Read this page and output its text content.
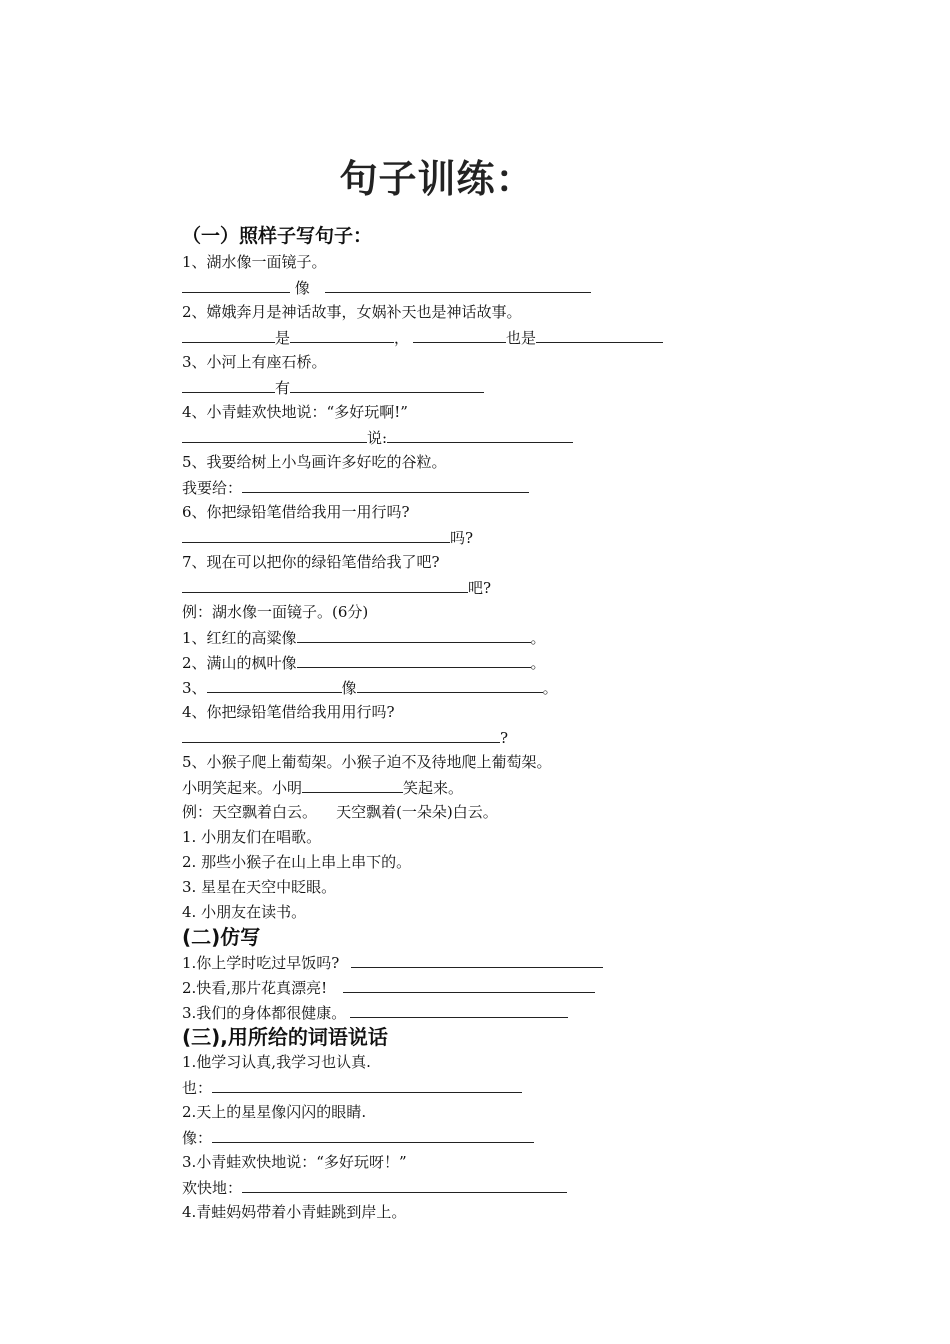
句子训练：
（一）照样子写句子：
1、湖水像一面镜子。
像
2、嫦娥奔月是神话故事，女娲补天也是神话故事。
是	，	也是
3、小河上有座石桥。
有
4、小青蛙欢快地说：“多好玩啊!”
说:
5、我要给树上小鸟画许多好吃的谷粒。
我要给：
6、你把绿铅笔借给我用一用行吗?
吗?
7、现在可以把你的绿铅笔借给我了吧?
吧?
例：湖水像一面镜子。(6分)
1、红红的高粱像	。
2、满山的枫叶像	。
3、	像	。
4、你把绿铅笔借给我用用行吗?
?
5、小猴子爬上葡萄架。小猴子迫不及待地爬上葡萄架。
小明笑起来。小明	笑起来。
例：天空飘着白云。    天空飘着(一朵朵)白云。
1. 小朋友们在唱歌。
2. 那些小猴子在山上串上串下的。
3. 星星在天空中眨眼。
4. 小朋友在读书。
(二)仿写
1.你上学时吃过早饭吗?
2.快看,那片花真漂亮!
3.我们的身体都很健康。
(三),用所给的词语说话
1.他学习认真,我学习也认真.
也：
2.天上的星星像闪闪的眼睛.
像：
3.小青蛙欢快地说：“多好玩呀！”
欢快地：
4.青蛙妈妈带着小青蛙跳到岸上。
